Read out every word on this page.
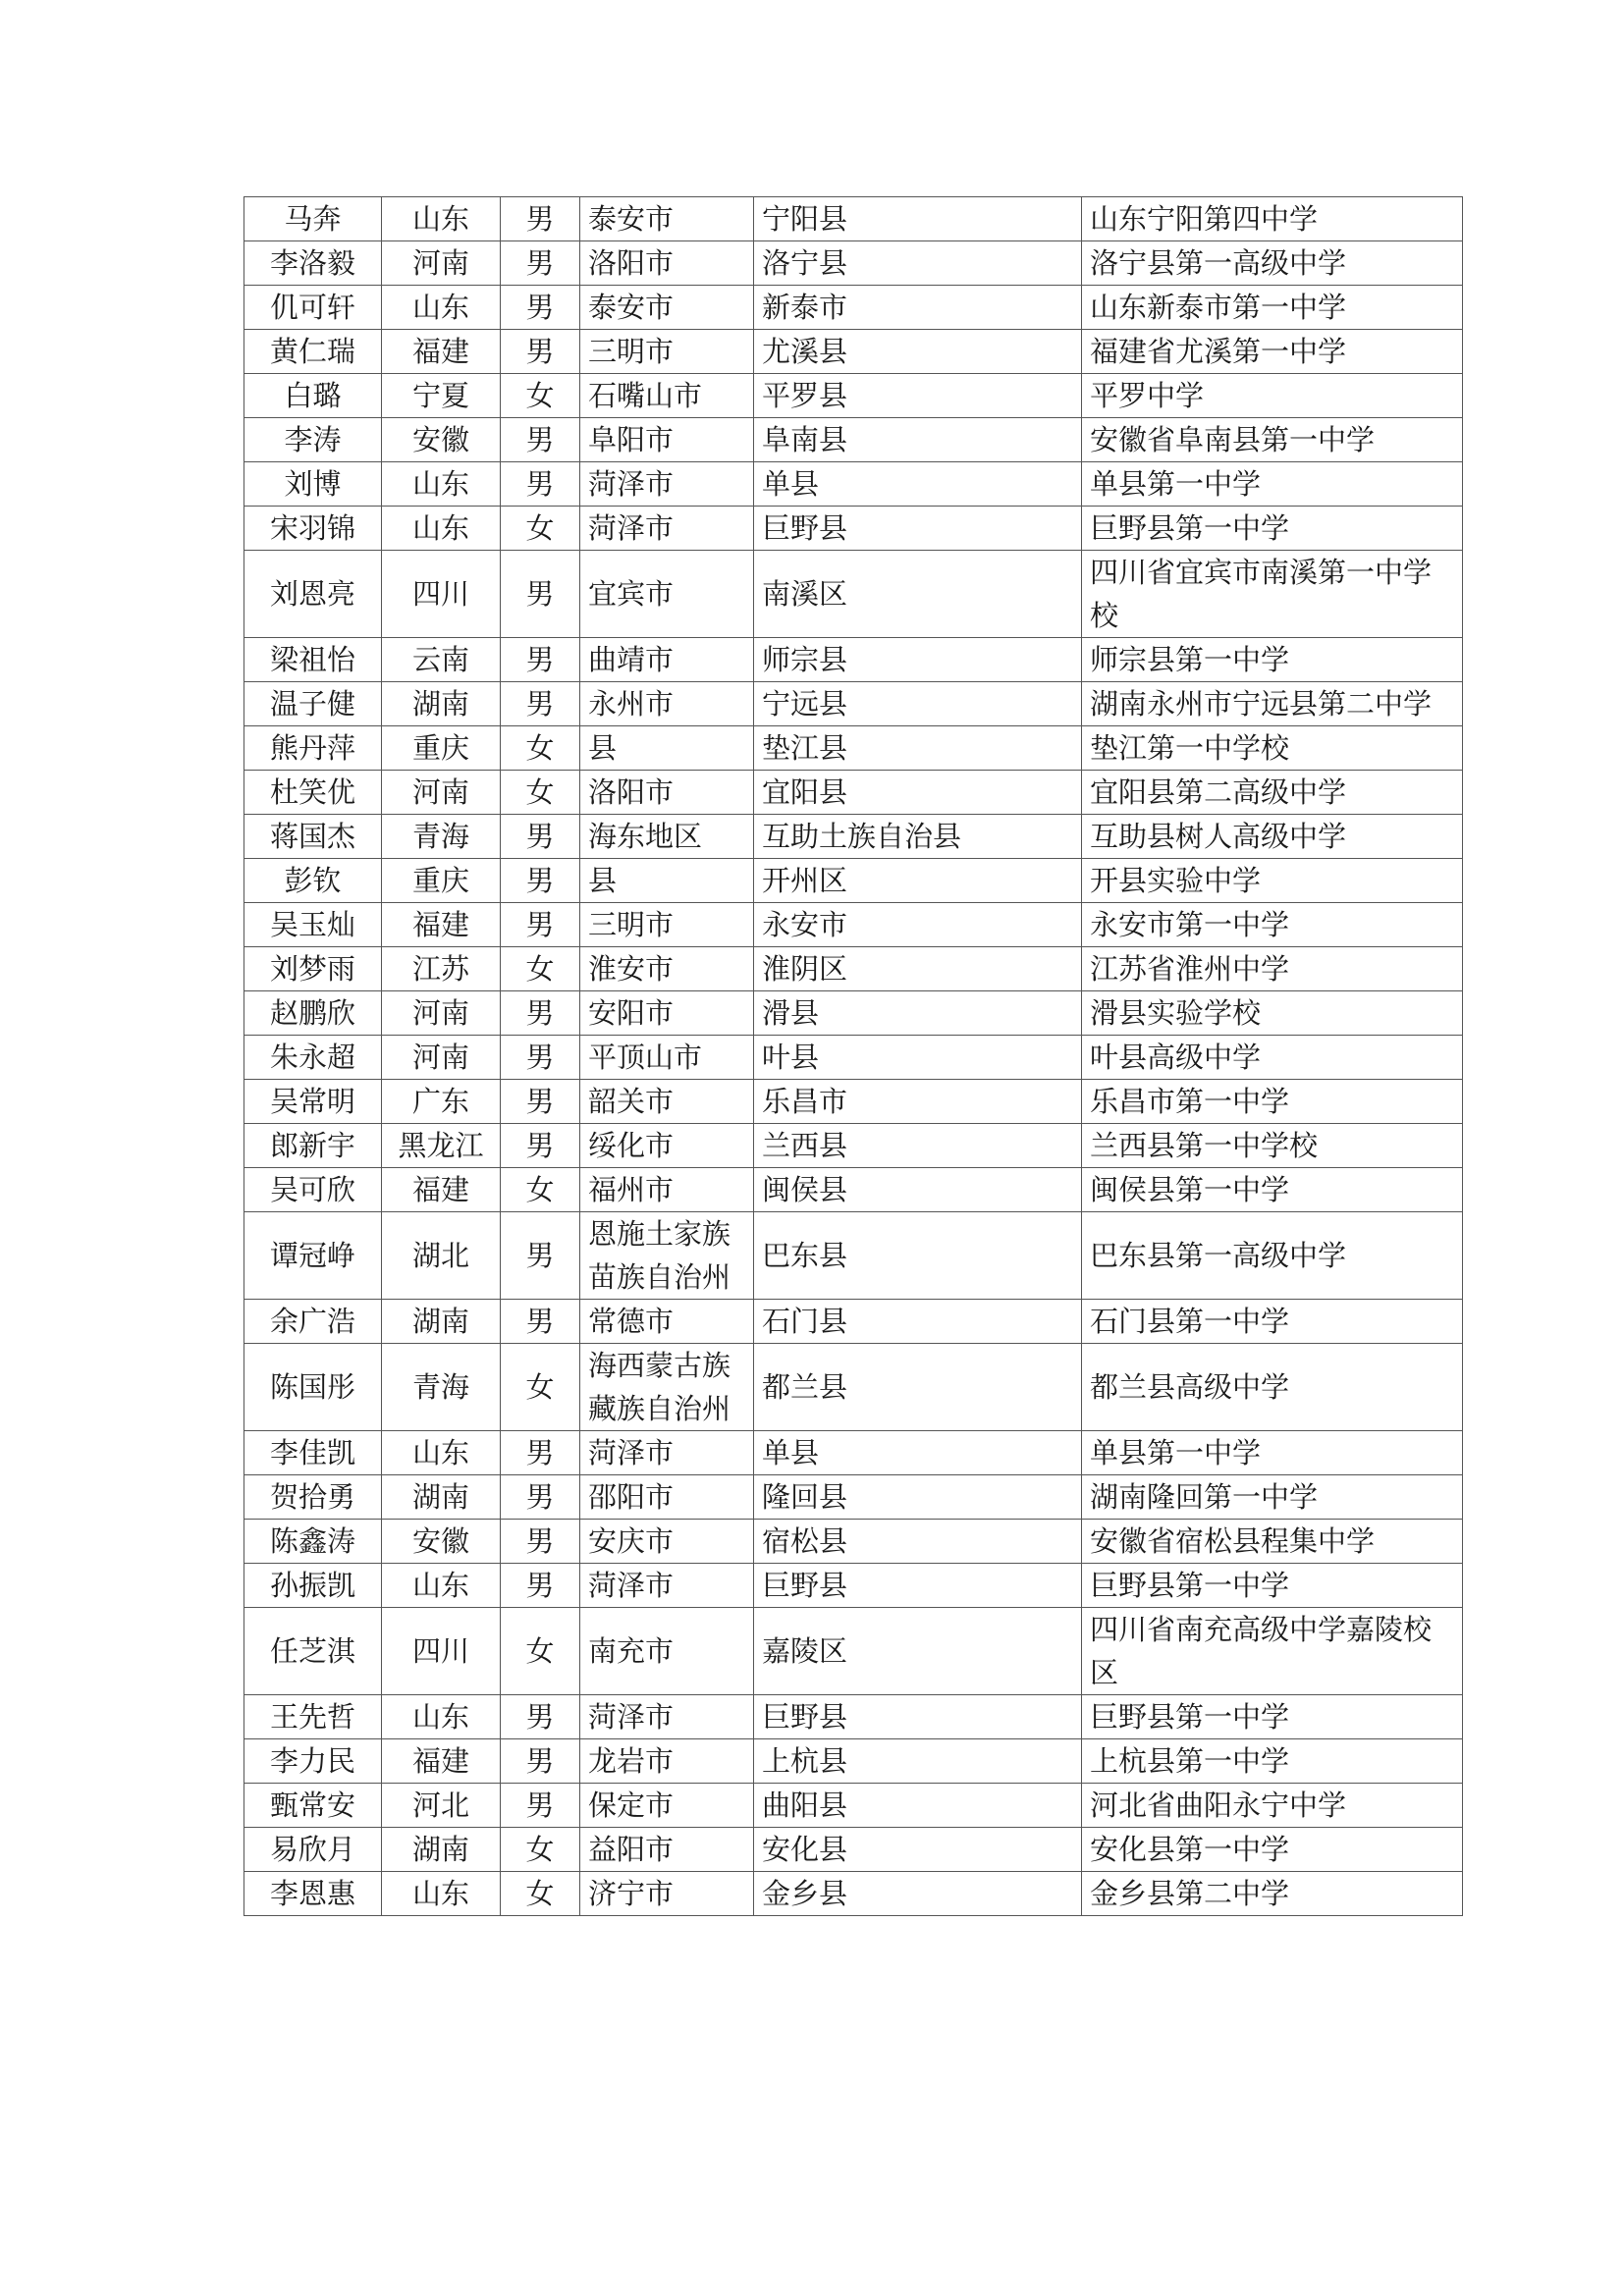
马奔	山东	男	泰安市	宁阳县	山东宁阳第四中学
李洛毅	河南	男	洛阳市	洛宁县	洛宁县第一高级中学
仉可轩	山东	男	泰安市	新泰市	山东新泰市第一中学
黄仁瑞	福建	男	三明市	尤溪县	福建省尤溪第一中学
白璐	宁夏	女	石嘴山市	平罗县	平罗中学
李涛	安徽	男	阜阳市	阜南县	安徽省阜南县第一中学
刘博	山东	男	菏泽市	单县	单县第一中学
宋羽锦	山东	女	菏泽市	巨野县	巨野县第一中学
刘恩亮	四川	男	宜宾市	南溪区	四川省宜宾市南溪第一中学校
梁祖怡	云南	男	曲靖市	师宗县	师宗县第一中学
温子健	湖南	男	永州市	宁远县	湖南永州市宁远县第二中学
熊丹萍	重庆	女	县	垫江县	垫江第一中学校
杜笑优	河南	女	洛阳市	宜阳县	宜阳县第二高级中学
蒋国杰	青海	男	海东地区	互助土族自治县	互助县树人高级中学
彭钦	重庆	男	县	开州区	开县实验中学
吴玉灿	福建	男	三明市	永安市	永安市第一中学
刘梦雨	江苏	女	淮安市	淮阴区	江苏省淮州中学
赵鹏欣	河南	男	安阳市	滑县	滑县实验学校
朱永超	河南	男	平顶山市	叶县	叶县高级中学
吴常明	广东	男	韶关市	乐昌市	乐昌市第一中学
郎新宇	黑龙江	男	绥化市	兰西县	兰西县第一中学校
吴可欣	福建	女	福州市	闽侯县	闽侯县第一中学
谭冠峥	湖北	男	恩施土家族苗族自治州	巴东县	巴东县第一高级中学
余广浩	湖南	男	常德市	石门县	石门县第一中学
陈国彤	青海	女	海西蒙古族藏族自治州	都兰县	都兰县高级中学
李佳凯	山东	男	菏泽市	单县	单县第一中学
贺拾勇	湖南	男	邵阳市	隆回县	湖南隆回第一中学
陈鑫涛	安徽	男	安庆市	宿松县	安徽省宿松县程集中学
孙振凯	山东	男	菏泽市	巨野县	巨野县第一中学
任芝淇	四川	女	南充市	嘉陵区	四川省南充高级中学嘉陵校区
王先哲	山东	男	菏泽市	巨野县	巨野县第一中学
李力民	福建	男	龙岩市	上杭县	上杭县第一中学
甄常安	河北	男	保定市	曲阳县	河北省曲阳永宁中学
易欣月	湖南	女	益阳市	安化县	安化县第一中学
李恩惠	山东	女	济宁市	金乡县	金乡县第二中学
